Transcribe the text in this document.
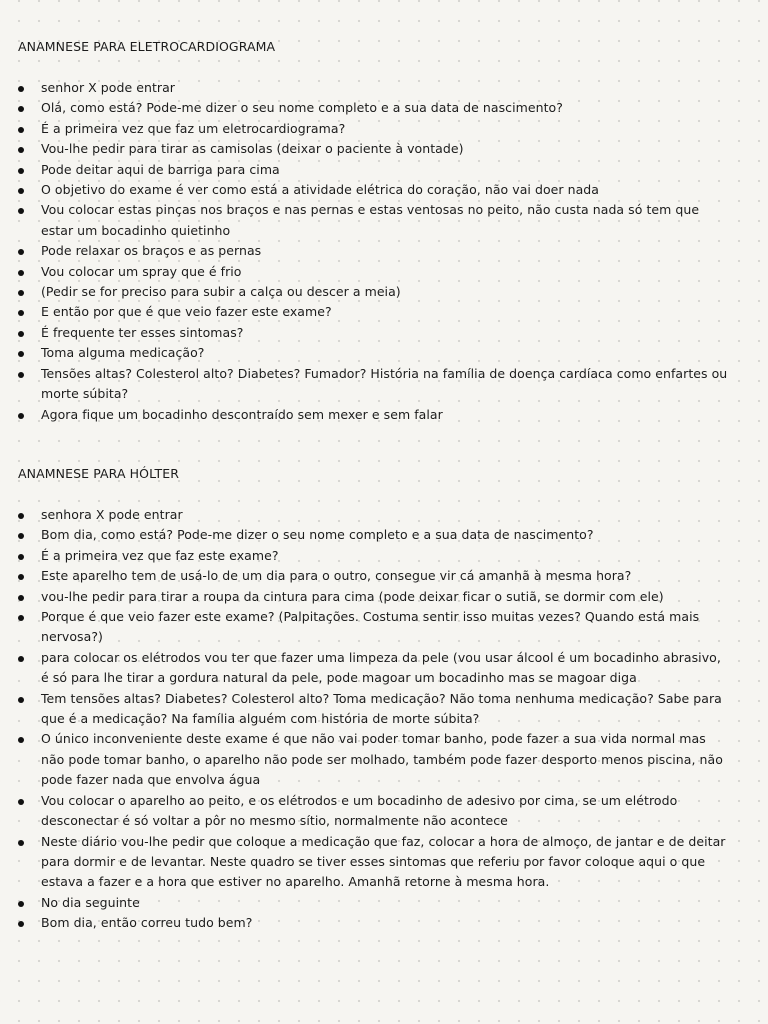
ANAMNESE PARA ELETROCARDIOGRAMA
senhor X pode entrar
Olá, como está? Pode-me dizer o seu nome completo e a sua data de nascimento?
É a primeira vez que faz um eletrocardiograma?
Vou-lhe pedir para tirar as camisolas (deixar o paciente à vontade)
Pode deitar aqui de barriga para cima
O objetivo do exame é ver como está a atividade elétrica do coração, não vai doer nada
Vou colocar estas pinças nos braços e nas pernas e estas ventosas no peito, não custa nada só tem que estar um bocadinho quietinho
Pode relaxar os braços e as pernas
Vou colocar um spray que é frio
(Pedir se for preciso para subir a calça ou descer a meia)
E então por que é que veio fazer este exame?
É frequente ter esses sintomas?
Toma alguma medicação?
Tensões altas? Colesterol alto? Diabetes? Fumador? História na família de doença cardíaca como enfartes ou morte súbita?
Agora fique um bocadinho descontraído sem mexer e sem falar
ANAMNESE PARA HÓLTER
senhora X pode entrar
Bom dia, como está? Pode-me dizer o seu nome completo e a sua data de nascimento?
É a primeira vez que faz este exame?
Este aparelho tem de usá-lo de um dia para o outro, consegue vir cá amanhã à mesma hora?
vou-lhe pedir para tirar a roupa da cintura para cima (pode deixar ficar o sutiã, se dormir com ele)
Porque é que veio fazer este exame? (Palpitações. Costuma sentir isso muitas vezes? Quando está mais nervosa?)
para colocar os elétrodos vou ter que fazer uma limpeza da pele (vou usar álcool é um bocadinho abrasivo, é só para lhe tirar a gordura natural da pele, pode magoar um bocadinho mas se magoar diga
Tem tensões altas? Diabetes? Colesterol alto? Toma medicação? Não toma nenhuma medicação? Sabe para que é a medicação? Na família alguém com história de morte súbita?
O único inconveniente deste exame é que não vai poder tomar banho, pode fazer a sua vida normal mas não pode tomar banho, o aparelho não pode ser molhado, também pode fazer desporto menos piscina, não pode fazer nada que envolva água
Vou colocar o aparelho ao peito, e os elétrodos e um bocadinho de adesivo por cima, se um elétrodo desconectar é só voltar a pôr no mesmo sítio, normalmente não acontece
Neste diário vou-lhe pedir que coloque a medicação que faz, colocar a hora de almoço, de jantar e de deitar para dormir e de levantar. Neste quadro se tiver esses sintomas que referiu por favor coloque aqui o que estava a fazer e a hora que estiver no aparelho. Amanhã retorne à mesma hora.
No dia seguinte
Bom dia, então correu tudo bem?
